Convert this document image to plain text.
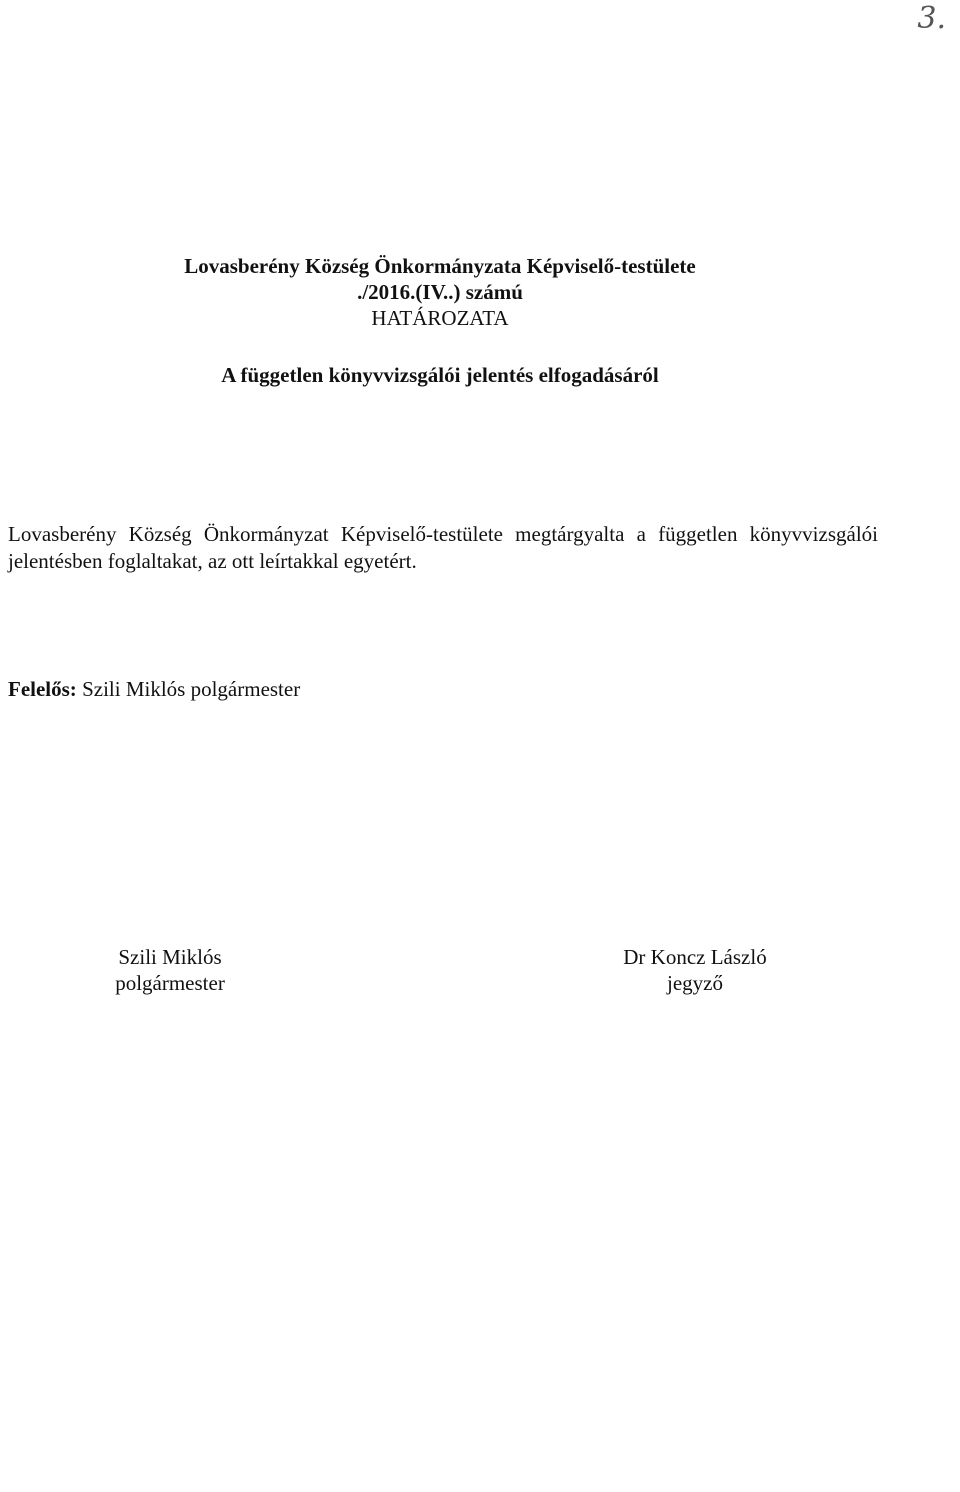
3.

Lovasberény Község Önkormányzata Képviselő-testülete

./2016.(IV..) számú

HATÁROZATA

A független könyvvizsgálói jelentés elfogadásáról

Lovasberény Község Önkormányzat Képviselő-testülete megtárgyalta a független könyvvizsgálói jelentésben foglaltakat, az ott leírtakkal egyetért.

Felelős: Szili Miklós polgármester

Szili Miklós

polgármester

Dr Koncz László

jegyző
